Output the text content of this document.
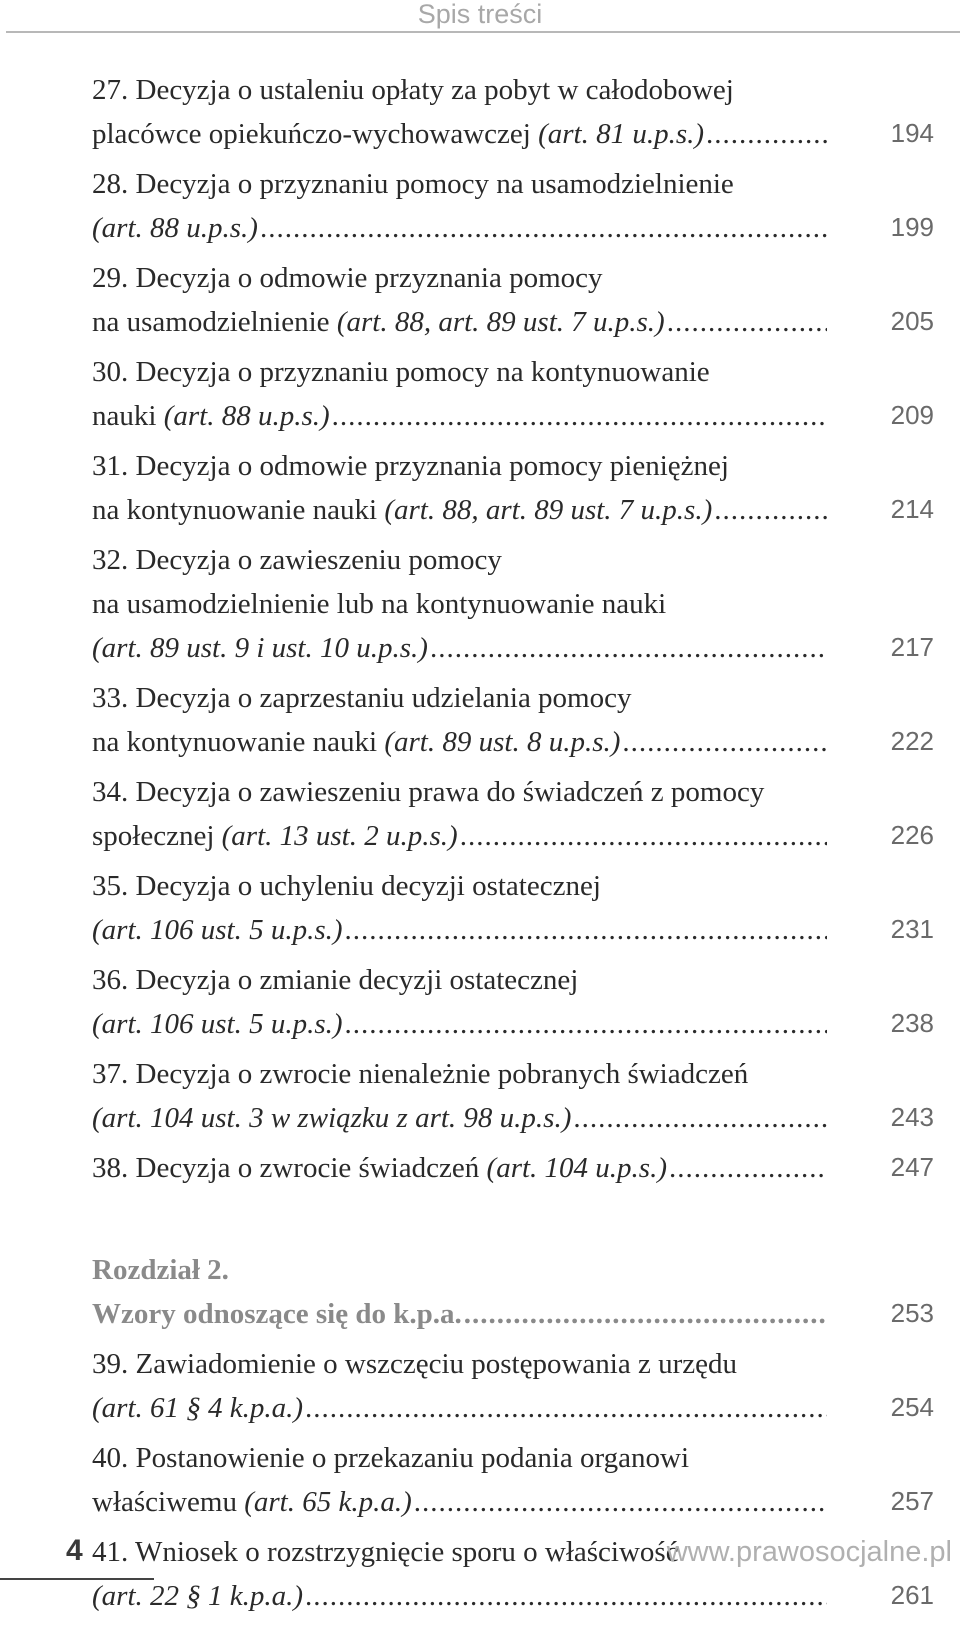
Spis treści
27. Decyzja o ustaleniu opłaty za pobyt w całodobowej
placówce opiekuńczo-wychowawczej (art. 81 u.p.s.) .....	194
28. Decyzja o przyznaniu pomocy na usamodzielnienie
(art. 88 u.p.s.) .....	199
29. Decyzja o odmowie przyznania pomocy
na usamodzielnienie (art. 88, art. 89 ust. 7 u.p.s.) .....	205
30. Decyzja o przyznaniu pomocy na kontynuowanie
nauki (art. 88 u.p.s.) .....	209
31. Decyzja o odmowie przyznania pomocy pieniężnej
na kontynuowanie nauki (art. 88, art. 89 ust. 7 u.p.s.) .....	214
32. Decyzja o zawieszeniu pomocy
na usamodzielnienie lub na kontynuowanie nauki
(art. 89 ust. 9 i ust. 10 u.p.s.) .....	217
33. Decyzja o zaprzestaniu udzielania pomocy
na kontynuowanie nauki (art. 89 ust. 8 u.p.s.) .....	222
34. Decyzja o zawieszeniu prawa do świadczeń z pomocy
społecznej (art. 13 ust. 2 u.p.s.) .....	226
35. Decyzja o uchyleniu decyzji ostatecznej
(art. 106 ust. 5 u.p.s.) .....	231
36. Decyzja o zmianie decyzji ostatecznej
(art. 106 ust. 5 u.p.s.) .....	238
37. Decyzja o zwrocie nienależnie pobranych świadczeń
(art. 104 ust. 3 w związku z art. 98 u.p.s.) .....	243
38. Decyzja o zwrocie świadczeń (art. 104 u.p.s.) .....	247
Rozdział 2.
Wzory odnoszące się do k.p.a. .....	253
39. Zawiadomienie o wszczęciu postępowania z urzędu
(art. 61 § 4 k.p.a.) .....	254
40. Postanowienie o przekazaniu podania organowi
właściwemu (art. 65 k.p.a.) .....	257
41. Wniosek o rozstrzygnięcie sporu o właściwość
(art. 22 § 1 k.p.a.) .....	261
4	www.prawosocjalne.pl
